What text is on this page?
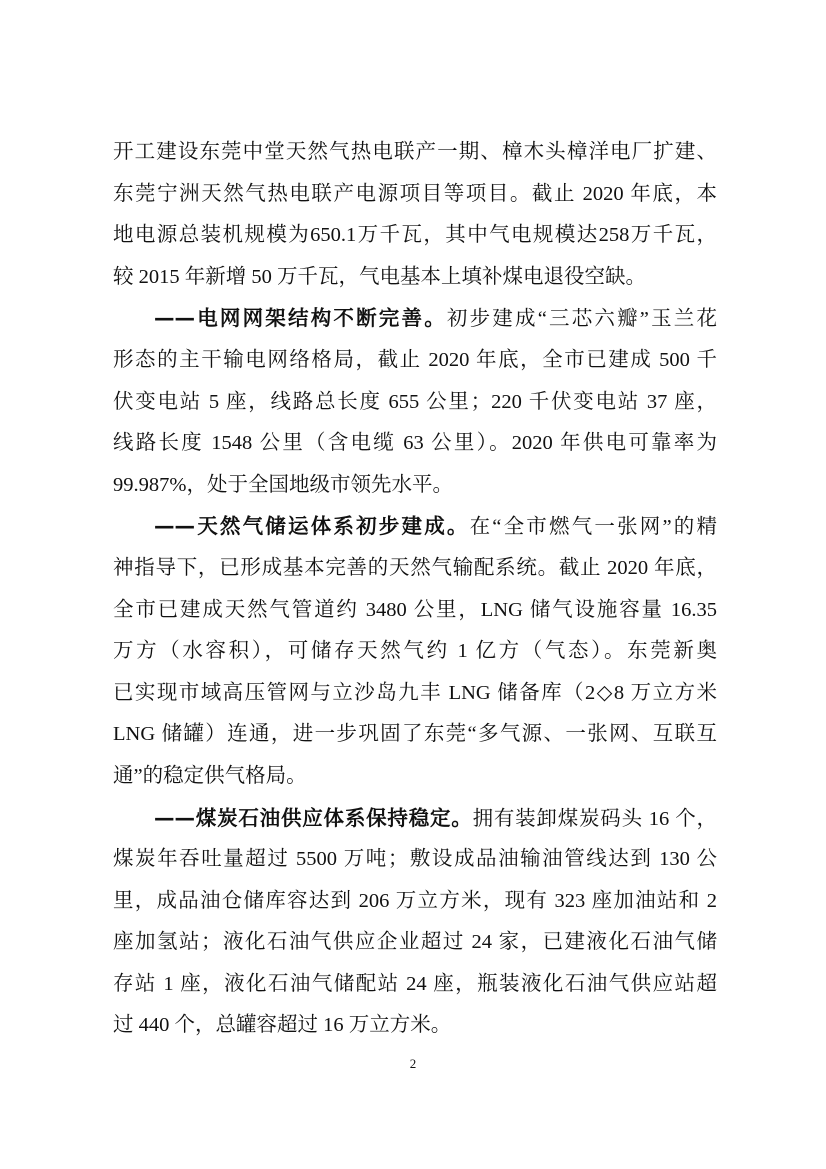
开工建设东莞中堂天然气热电联产一期、樟木头樟洋电厂扩建、
东莞宁洲天然气热电联产电源项目等项目。截止 2020 年底，本
地电源总装机规模为650.1万千瓦，其中气电规模达258万千瓦，
较 2015 年新增 50 万千瓦，气电基本上填补煤电退役空缺。
——电网网架结构不断完善。初步建成“三芯六瓣”玉兰花
形态的主干输电网络格局，截止 2020 年底，全市已建成 500 千
伏变电站 5 座，线路总长度 655 公里；220 千伏变电站 37 座，
线路长度 1548 公里（含电缆 63 公里）。2020 年供电可靠率为
99.987%，处于全国地级市领先水平。
——天然气储运体系初步建成。在“全市燃气一张网”的精
神指导下，已形成基本完善的天然气输配系统。截止 2020 年底，
全市已建成天然气管道约 3480 公里，LNG 储气设施容量 16.35
万方（水容积），可储存天然气约 1 亿方（气态）。东莞新奥
已实现市域高压管网与立沙岛九丰 LNG 储备库（2◇8 万立方米
LNG 储罐）连通，进一步巩固了东莞“多气源、一张网、互联互
通”的稳定供气格局。
——煤炭石油供应体系保持稳定。拥有装卸煤炭码头 16 个，
煤炭年吞吐量超过 5500 万吨；敷设成品油输油管线达到 130 公
里，成品油仓储库容达到 206 万立方米，现有 323 座加油站和 2
座加氢站；液化石油气供应企业超过 24 家，已建液化石油气储
存站 1 座，液化石油气储配站 24 座，瓶装液化石油气供应站超
过 440 个，总罐容超过 16 万立方米。
2
